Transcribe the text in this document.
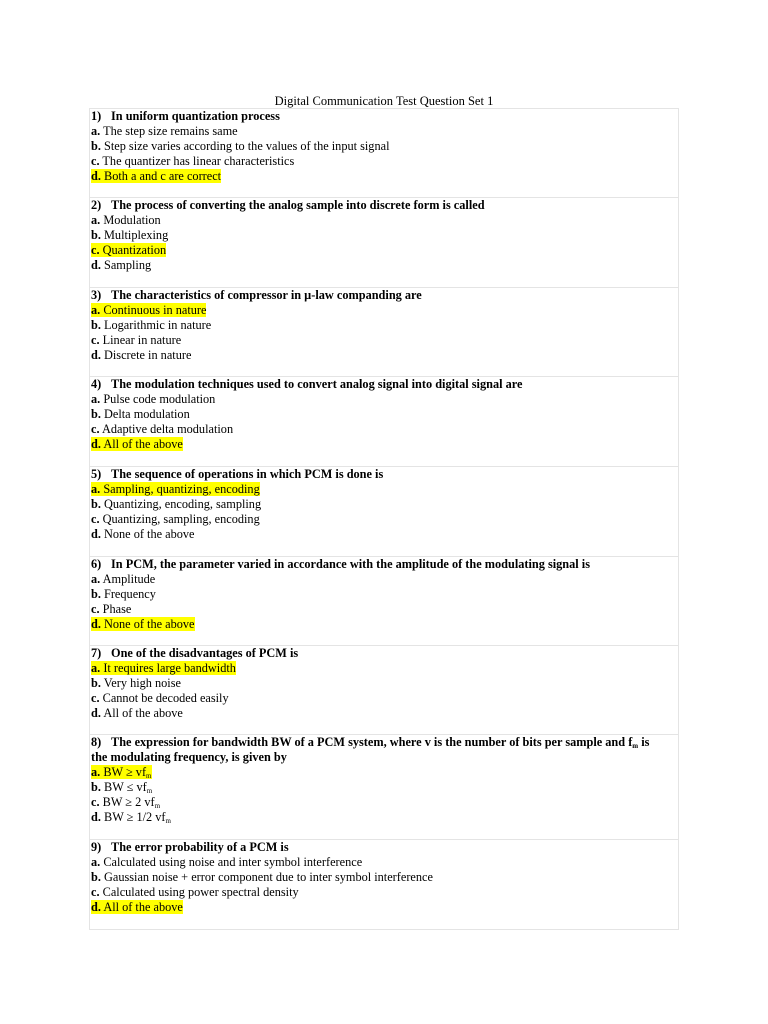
Digital Communication Test Question Set 1
1) In uniform quantization process
a. The step size remains same
b. Step size varies according to the values of the input signal
c. The quantizer has linear characteristics
d. Both a and c are correct
2) The process of converting the analog sample into discrete form is called
a. Modulation
b. Multiplexing
c. Quantization
d. Sampling
3) The characteristics of compressor in µ-law companding are
a. Continuous in nature
b. Logarithmic in nature
c. Linear in nature
d. Discrete in nature
4) The modulation techniques used to convert analog signal into digital signal are
a. Pulse code modulation
b. Delta modulation
c. Adaptive delta modulation
d. All of the above
5) The sequence of operations in which PCM is done is
a. Sampling, quantizing, encoding
b. Quantizing, encoding, sampling
c. Quantizing, sampling, encoding
d. None of the above
6) In PCM, the parameter varied in accordance with the amplitude of the modulating signal is
a. Amplitude
b. Frequency
c. Phase
d. None of the above
7) One of the disadvantages of PCM is
a. It requires large bandwidth
b. Very high noise
c. Cannot be decoded easily
d. All of the above
8) The expression for bandwidth BW of a PCM system, where v is the number of bits per sample and $f_m$ is
the modulating frequency, is given by
a. BW ≥ $vf_m$
b. BW ≤ $vf_m$
c. BW ≥ 2 $vf_m$
d. BW ≥ 1/2 $vf_m$
9) The error probability of a PCM is
a. Calculated using noise and inter symbol interference
b. Gaussian noise + error component due to inter symbol interference
c. Calculated using power spectral density
d. All of the above
